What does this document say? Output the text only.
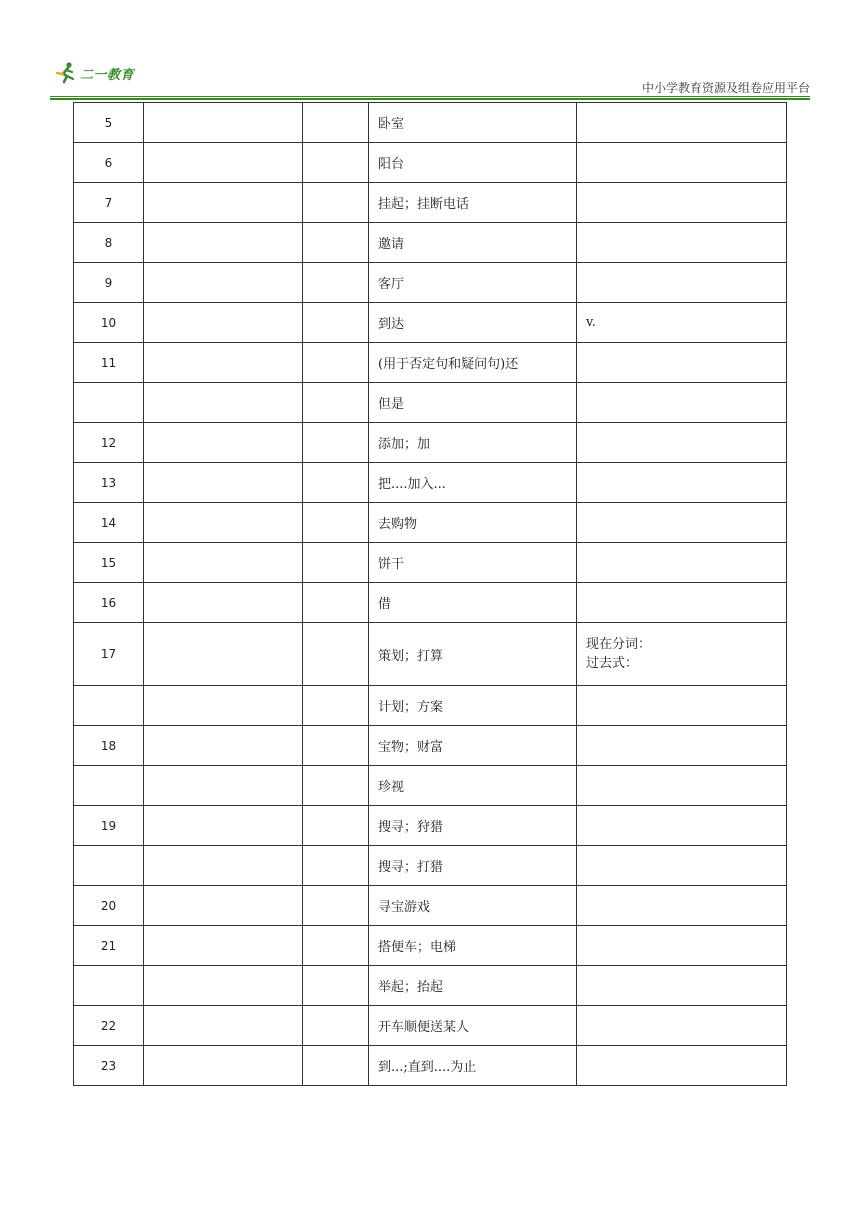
二一教育
中小学教育资源及组卷应用平台
5			卧室	
6			阳台	
7			挂起；挂断电话	
8			邀请	
9			客厅	
10			到达	v.
11			(用于否定句和疑问句)还	
			但是	
12			添加；加	
13			把....加入...	
14			去购物	
15			饼干	
16			借	
17			策划；打算	现在分词：
过去式：

			计划；方案	
18			宝物；财富	
			珍视	
19			搜寻；狩猎	
			搜寻；打猎	
20			寻宝游戏	
21			搭便车；电梯	
			举起；抬起	
22			开车顺便送某人	
23			到...;直到....为止	
